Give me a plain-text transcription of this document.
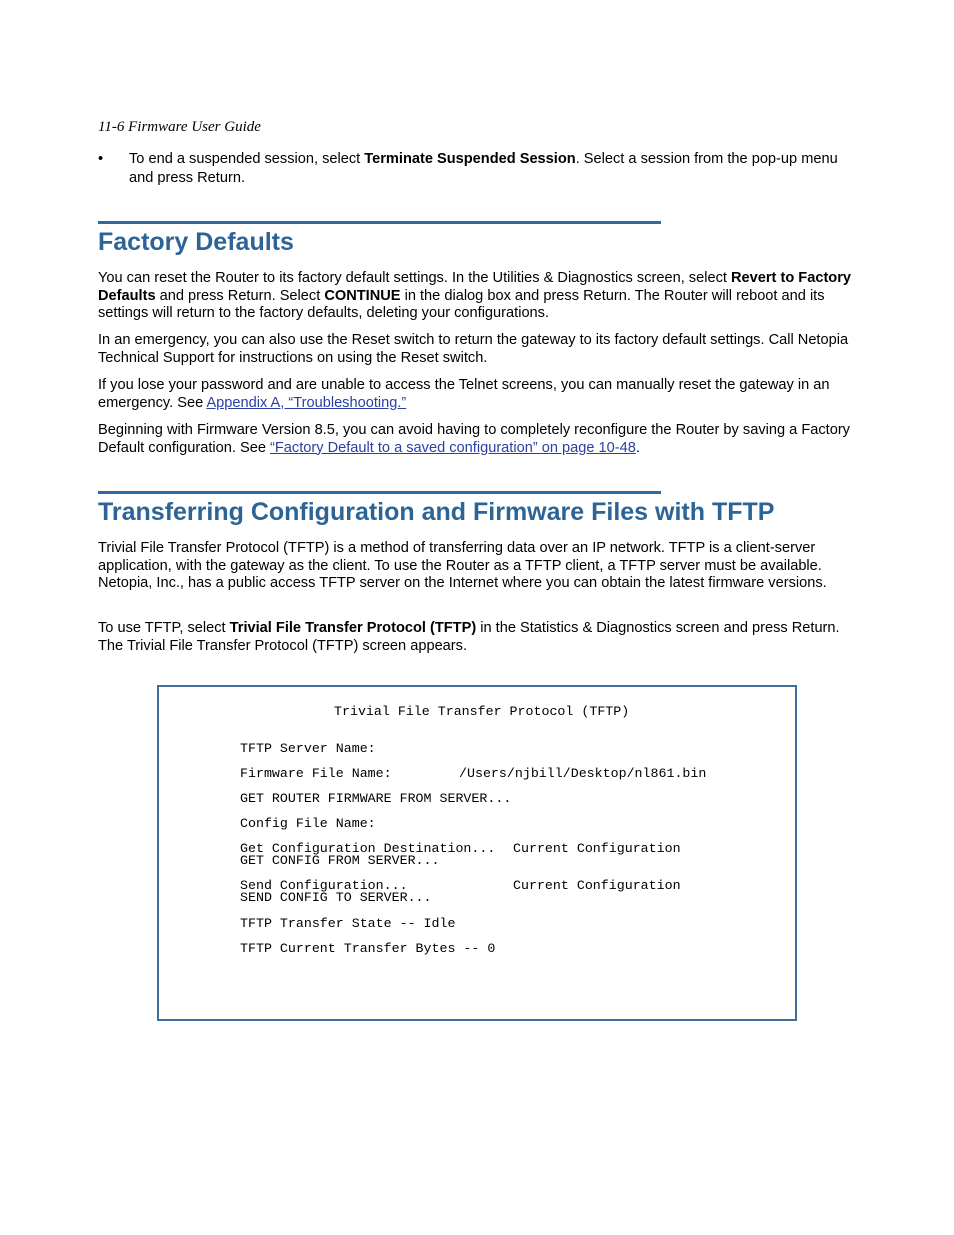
11-6 Firmware User Guide
• To end a suspended session, select Terminate Suspended Session. Select a session from the pop-up menu and press Return.
Factory Defaults

You can reset the Router to its factory default settings. In the Utilities & Diagnostics screen, select Revert to Factory Defaults and press Return. Select CONTINUE in the dialog box and press Return. The Router will reboot and its settings will return to the factory defaults, deleting your configurations.

In an emergency, you can also use the Reset switch to return the gateway to its factory default settings. Call Netopia Technical Support for instructions on using the Reset switch.

If you lose your password and are unable to access the Telnet screens, you can manually reset the gateway in an emergency. See Appendix A, “Troubleshooting.”

Beginning with Firmware Version 8.5, you can avoid having to completely reconfigure the Router by saving a Factory Default configuration. See “Factory Default to a saved configuration” on page 10-48.

Transferring Configuration and Firmware Files with TFTP

Trivial File Transfer Protocol (TFTP) is a method of transferring data over an IP network. TFTP is a client-server application, with the gateway as the client. To use the Router as a TFTP client, a TFTP server must be available. Netopia, Inc., has a public access TFTP server on the Internet where you can obtain the latest firmware versions.

To use TFTP, select Trivial File Transfer Protocol (TFTP) in the Statistics & Diagnostics screen and press Return. The Trivial File Transfer Protocol (TFTP) screen appears.

Trivial File Transfer Protocol (TFTP)
TFTP Server Name:
Firmware File Name:	/Users/njbill/Desktop/nl861.bin
GET ROUTER FIRMWARE FROM SERVER...
Config File Name:
Get Configuration Destination... Current Configuration
GET CONFIG FROM SERVER...
Send Configuration...	Current Configuration
SEND CONFIG TO SERVER...
TFTP Transfer State -- Idle
TFTP Current Transfer Bytes -- 0
